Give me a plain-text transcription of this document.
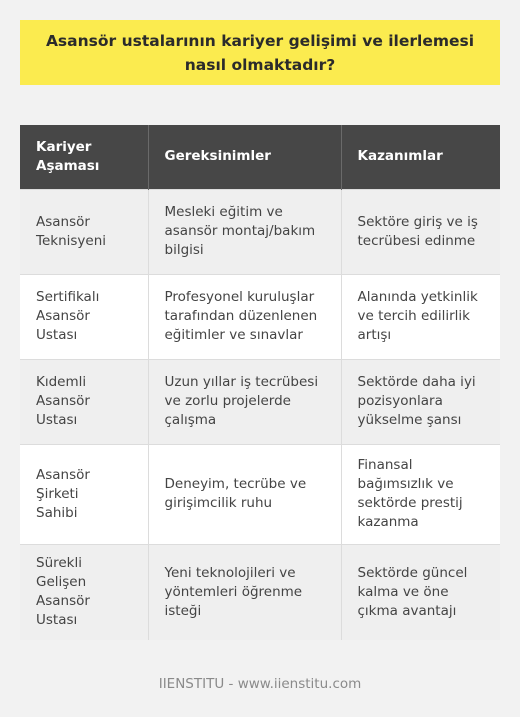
Asansör ustalarının kariyer gelişimi ve ilerlemesi nasıl olmaktadır?
Kariyer Aşaması	Gereksinimler	Kazanımlar
Asansör Teknisyeni	Mesleki eğitim ve asansör montaj/bakım bilgisi	Sektöre giriş ve iş tecrübesi edinme
Sertifikalı Asansör Ustası	Profesyonel kuruluşlar tarafından düzenlenen eğitimler ve sınavlar	Alanında yetkinlik ve tercih edilirlik artışı
Kıdemli Asansör Ustası	Uzun yıllar iş tecrübesi ve zorlu projelerde çalışma	Sektörde daha iyi pozisyonlara yükselme şansı
Asansör Şirketi Sahibi	Deneyim, tecrübe ve girişimcilik ruhu	Finansal bağımsızlık ve sektörde prestij kazanma
Sürekli Gelişen Asansör Ustası	Yeni teknolojileri ve yöntemleri öğrenme isteği	Sektörde güncel kalma ve öne çıkma avantajı
IIENSTITU - www.iienstitu.com
